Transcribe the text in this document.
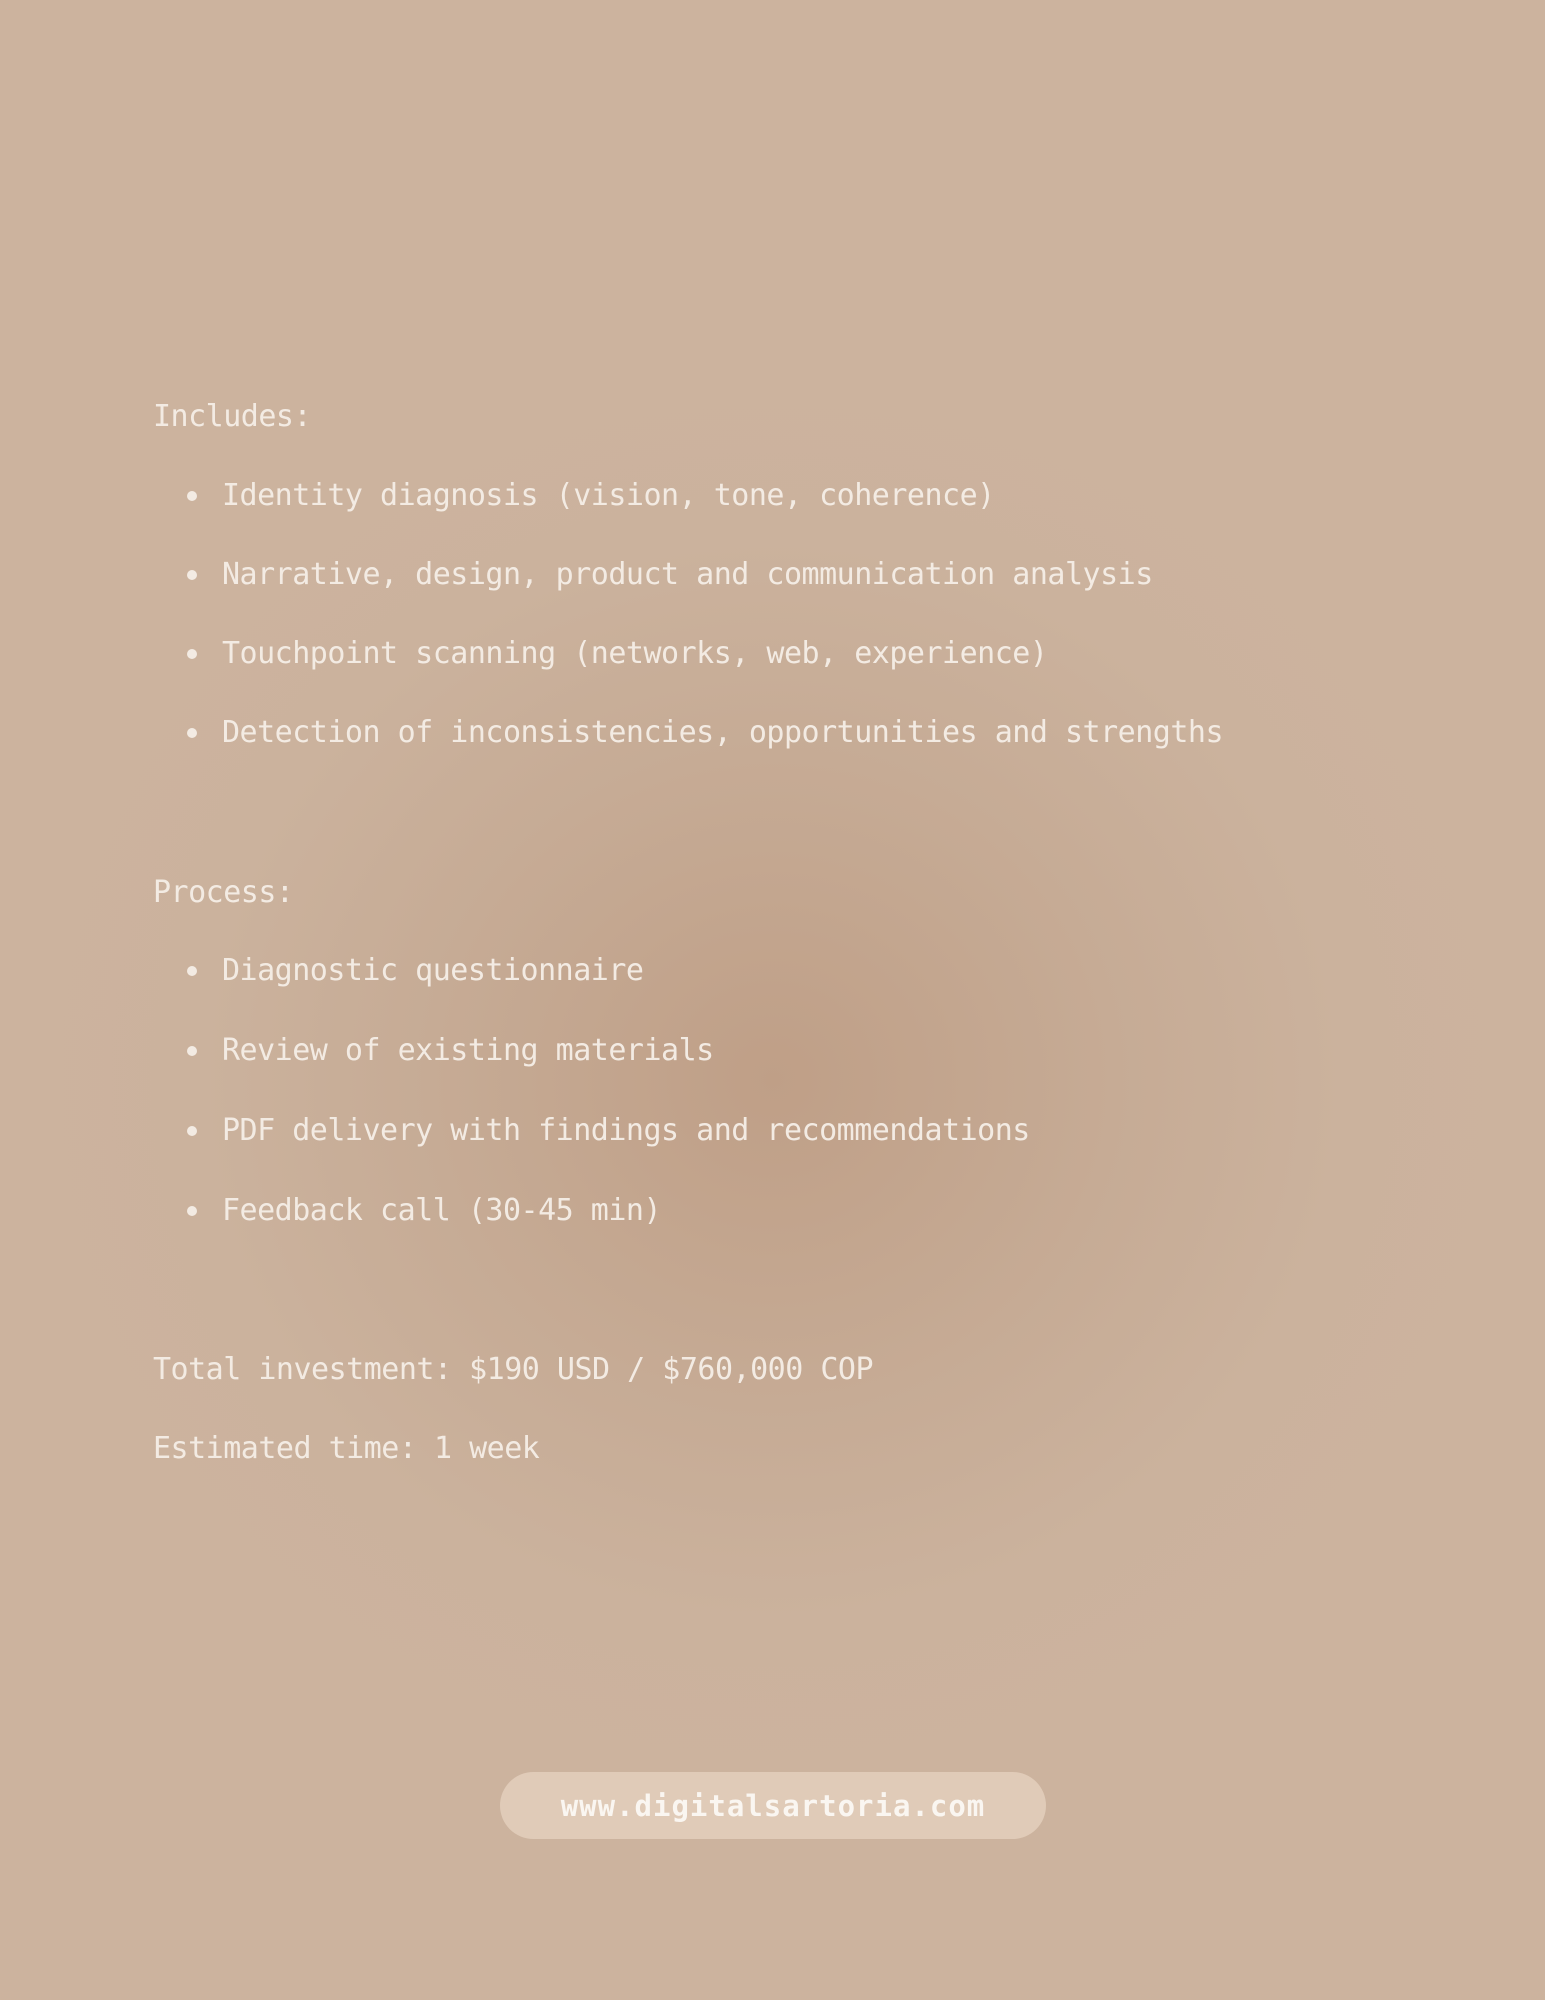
Includes:

Identity diagnosis (vision, tone, coherence)
Narrative, design, product and communication analysis
Touchpoint scanning (networks, web, experience)
Detection of inconsistencies, opportunities and strengths

Process:

Diagnostic questionnaire
Review of existing materials
PDF delivery with findings and recommendations
Feedback call (30-45 min)

Total investment: $190 USD / $760,000 COP

Estimated time: 1 week

www.digitalsartoria.com
